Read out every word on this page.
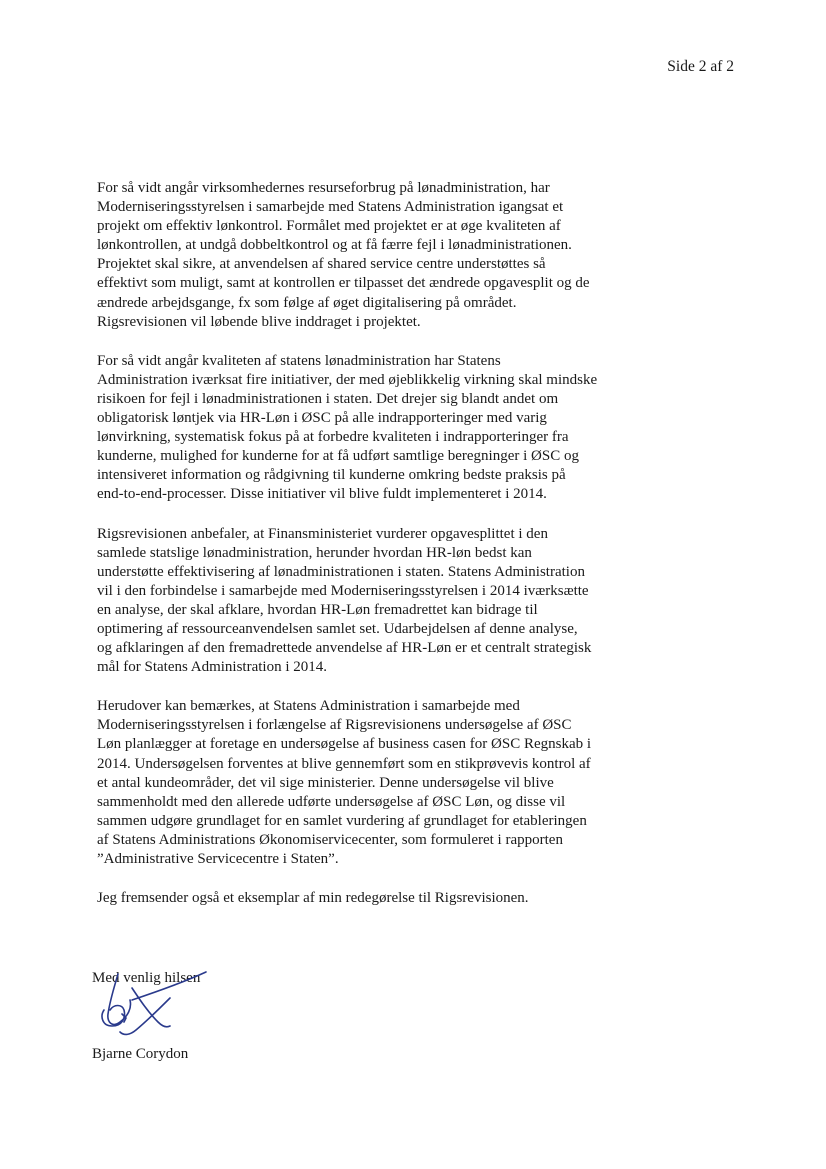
Side 2 af 2

For så vidt angår virksomhedernes resurseforbrug på lønadministration, har
Moderniseringsstyrelsen i samarbejde med Statens Administration igangsat et
projekt om effektiv lønkontrol. Formålet med projektet er at øge kvaliteten af
lønkontrollen, at undgå dobbeltkontrol og at få færre fejl i lønadministrationen.
Projektet skal sikre, at anvendelsen af shared service centre understøttes så
effektivt som muligt, samt at kontrollen er tilpasset det ændrede opgavesplit og de
ændrede arbejdsgange, fx som følge af øget digitalisering på området.
Rigsrevisionen vil løbende blive inddraget i projektet.

For så vidt angår kvaliteten af statens lønadministration har Statens
Administration iværksat fire initiativer, der med øjeblikkelig virkning skal mindske
risikoen for fejl i lønadministrationen i staten. Det drejer sig blandt andet om
obligatorisk løntjek via HR-Løn i ØSC på alle indrapporteringer med varig
lønvirkning, systematisk fokus på at forbedre kvaliteten i indrapporteringer fra
kunderne, mulighed for kunderne for at få udført samtlige beregninger i ØSC og
intensiveret information og rådgivning til kunderne omkring bedste praksis på
end-to-end-processer. Disse initiativer vil blive fuldt implementeret i 2014.

Rigsrevisionen anbefaler, at Finansministeriet vurderer opgavesplittet i den
samlede statslige lønadministration, herunder hvordan HR-løn bedst kan
understøtte effektivisering af lønadministrationen i staten. Statens Administration
vil i den forbindelse i samarbejde med Moderniseringsstyrelsen i 2014 iværksætte
en analyse, der skal afklare, hvordan HR-Løn fremadrettet kan bidrage til
optimering af ressourceanvendelsen samlet set. Udarbejdelsen af denne analyse,
og afklaringen af den fremadrettede anvendelse af HR-Løn er et centralt strategisk
mål for Statens Administration i 2014.

Herudover kan bemærkes, at Statens Administration i samarbejde med
Moderniseringsstyrelsen i forlængelse af Rigsrevisionens undersøgelse af ØSC
Løn planlægger at foretage en undersøgelse af business casen for ØSC Regnskab i
2014. Undersøgelsen forventes at blive gennemført som en stikprøvevis kontrol af
et antal kundeområder, det vil sige ministerier. Denne undersøgelse vil blive
sammenholdt med den allerede udførte undersøgelse af ØSC Løn, og disse vil
sammen udgøre grundlaget for en samlet vurdering af grundlaget for etableringen
af Statens Administrations Økonomiservicecenter, som formuleret i rapporten
”Administrative Servicecentre i Staten”.

Jeg fremsender også et eksemplar af min redegørelse til Rigsrevisionen.

Med venlig hilsen

Bjarne Corydon
